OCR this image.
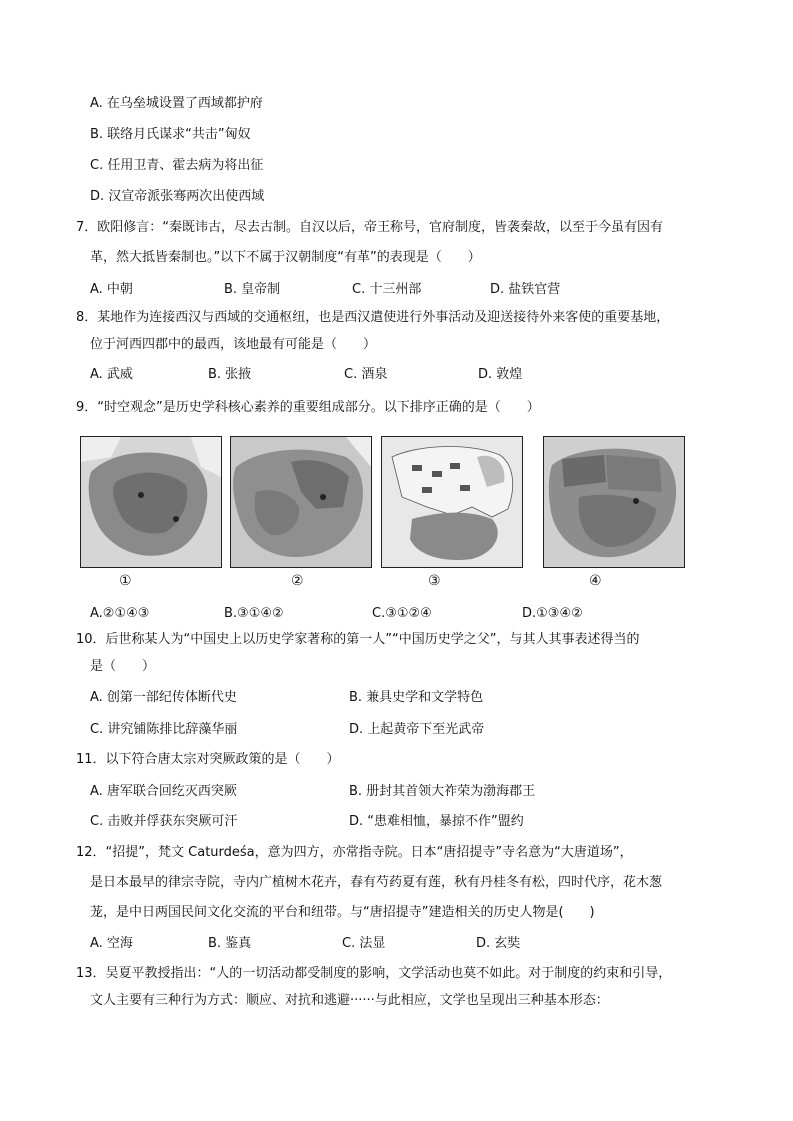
A. 在乌垒城设置了西域都护府
B. 联络月氏谋求“共击”匈奴
C. 任用卫青、霍去病为将出征
D. 汉宣帝派张骞两次出使西域
7．欧阳修言：“秦既讳古，尽去古制。自汉以后，帝王称号，官府制度，皆袭秦故，以至于今虽有因有
革，然大抵皆秦制也。”以下不属于汉朝制度“有革”的表现是（　　）
A. 中朝	B. 皇帝制	C. 十三州部	D. 盐铁官营
8．某地作为连接西汉与西域的交通枢纽，也是西汉遣使进行外事活动及迎送接待外来客使的重要基地，
位于河西四郡中的最西，该地最有可能是（　　）
A. 武威	B. 张掖	C. 酒泉	D. 敦煌
9．“时空观念”是历史学科核心素养的重要组成部分。以下排序正确的是（　　）
①	②	③	④
A.②①④③	B.③①④②	C.③①②④	D.①③④②
10．后世称某人为“中国史上以历史学家著称的第一人”“中国历史学之父”，与其人其事表述得当的
是（　　）
A. 创第一部纪传体断代史	B. 兼具史学和文学特色
C. 讲究铺陈排比辞藻华丽	D. 上起黄帝下至光武帝
11．以下符合唐太宗对突厥政策的是（　　）
A. 唐军联合回纥灭西突厥	B. 册封其首领大祚荣为渤海郡王
C. 击败并俘获东突厥可汗	D. “患难相恤，暴掠不作”盟约
12．“招提”，梵文 Caturdeśa，意为四方，亦常指寺院。日本“唐招提寺”寺名意为“大唐道场”，
是日本最早的律宗寺院，寺内广植树木花卉，春有芍药夏有莲，秋有丹桂冬有松，四时代序，花木葱
茏，是中日两国民间文化交流的平台和纽带。与“唐招提寺”建造相关的历史人物是(　　)
A. 空海	B. 鉴真	C. 法显	D. 玄奘
13．吴夏平教授指出：“人的一切活动都受制度的影响，文学活动也莫不如此。对于制度的约束和引导，
文人主要有三种行为方式：顺应、对抗和逃避······与此相应，文学也呈现出三种基本形态：
